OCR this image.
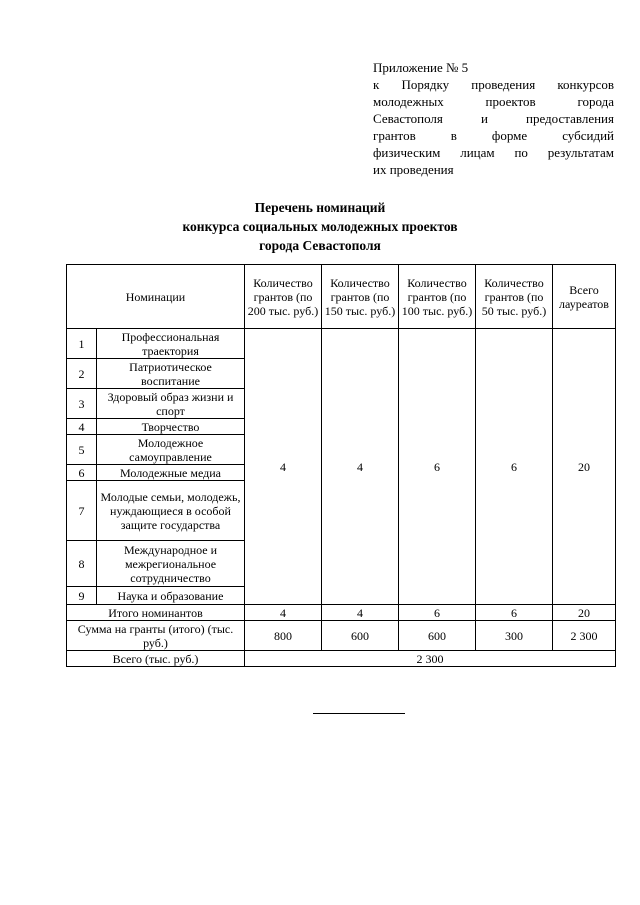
Приложение № 5
к Порядку проведения конкурсов
молодежных проектов города
Севастополя и предоставления
грантов в форме субсидий
физическим лицам по результатам
их проведения
Перечень номинаций
конкурса социальных молодежных проектов
города Севастополя
Номинации		Количество грантов (по 200 тыс. руб.)	Количество грантов (по 150 тыс. руб.)	Количество грантов (по 100 тыс. руб.)	Количество грантов (по 50 тыс. руб.)	Всего лауреатов
1	Профессиональная траектория	4	4	6	6	20
2	Патриотическое воспитание					
3	Здоровый образ жизни и спорт					
4	Творчество					
5	Молодежное самоуправление					
6	Молодежные медиа					
7	Молодые семьи, молодежь, нуждающиеся в особой защите государства					
8	Международное и межрегиональное сотрудничество					
9	Наука и образование					
Итого номинантов		4	4	6	6	20
Сумма на гранты (итого) (тыс. руб.)		800	600	600	300	2 300
Всего (тыс. руб.)		2 300				
